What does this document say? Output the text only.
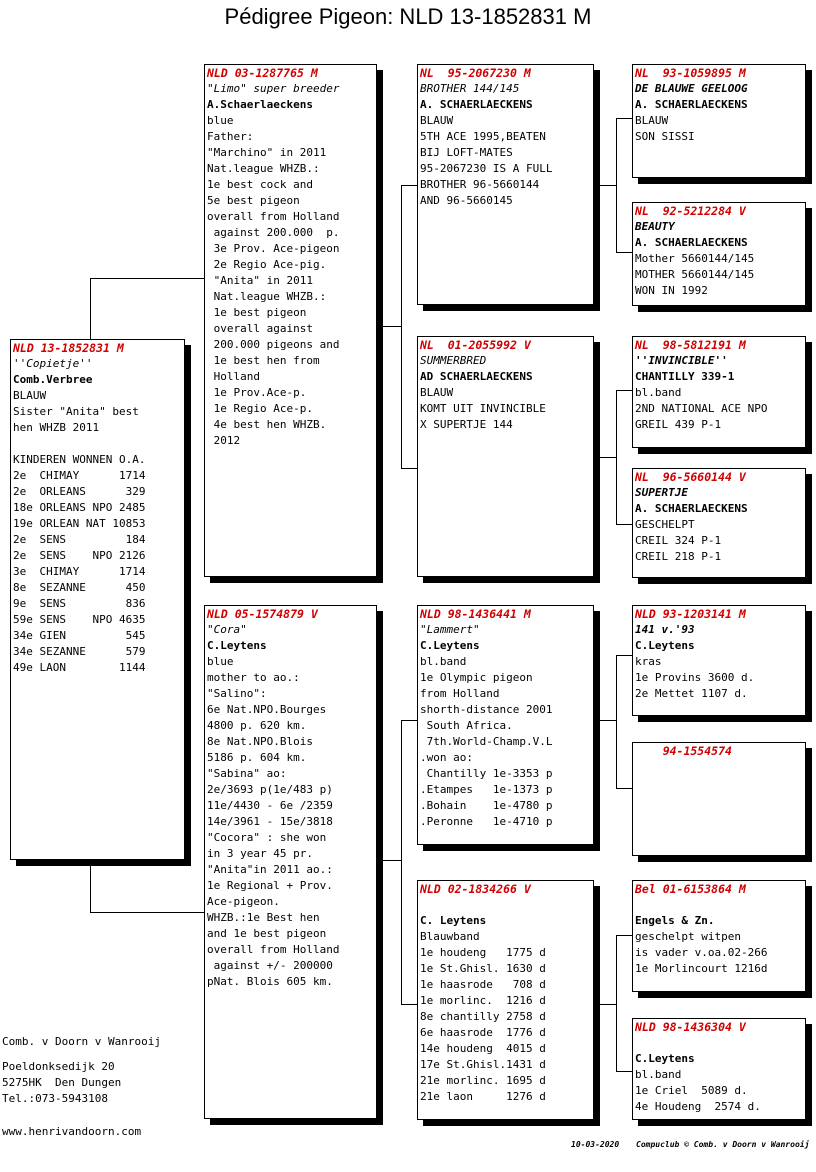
Pédigree Pigeon: NLD 13-1852831 M
NLD 13-1852831 M
''Copietje''
Comb.Verbree
BLAUW
Sister "Anita" best
hen WHZB 2011
KINDEREN WONNEN O.A.
2e  CHIMAY      1714
2e  ORLEANS      329
18e ORLEANS NPO 2485
19e ORLEAN NAT 10853
2e  SENS         184
2e  SENS    NPO 2126
3e  CHIMAY      1714
8e  SEZANNE      450
9e  SENS         836
59e SENS    NPO 4635
34e GIEN         545
34e SEZANNE      579
49e LAON        1144
NLD 03-1287765 M
"Limo" super breeder
A.Schaerlaeckens
blue
Father:
"Marchino" in 2011
Nat.league WHZB.:
1e best cock and
5e best pigeon
overall from Holland
against 200.000  p.
3e Prov. Ace-pigeon
2e Regio Ace-pig.
"Anita" in 2011
Nat.league WHZB.:
1e best pigeon
overall against
200.000 pigeons and
1e best hen from
Holland
1e Prov.Ace-p.
1e Regio Ace-p.
4e best hen WHZB.
2012
NLD 05-1574879 V
"Cora"
C.Leytens
blue
mother to ao.:
"Salino":
6e Nat.NPO.Bourges
4800 p. 620 km.
8e Nat.NPO.Blois
5186 p. 604 km.
"Sabina" ao:
2e/3693 p(1e/483 p)
11e/4430 - 6e /2359
14e/3961 - 15e/3818
"Cocora" : she won
in 3 year 45 pr.
"Anita"in 2011 ao.:
1e Regional + Prov.
Ace-pigeon.
WHZB.:1e Best hen
and 1e best pigeon
overall from Holland
against +/- 200000
pNat. Blois 605 km.
NL  95-2067230 M
BROTHER 144/145
A. SCHAERLAECKENS
BLAUW
5TH ACE 1995,BEATEN
BIJ LOFT-MATES
95-2067230 IS A FULL
BROTHER 96-5660144
AND 96-5660145
NL  01-2055992 V
SUMMERBRED
AD SCHAERLAECKENS
BLAUW
KOMT UIT INVINCIBLE
X SUPERTJE 144
NLD 98-1436441 M
"Lammert"
C.Leytens
bl.band
1e Olympic pigeon
from Holland
shorth-distance 2001
South Africa.
7th.World-Champ.V.L
.won ao:
Chantilly 1e-3353 p
.Etampes   1e-1373 p
.Bohain    1e-4780 p
.Peronne   1e-4710 p
NLD 02-1834266 V
C. Leytens
Blauwband
1e houdeng   1775 d
1e St.Ghisl. 1630 d
1e haasrode   708 d
1e morlinc.  1216 d
8e chantilly 2758 d
6e haasrode  1776 d
14e houdeng  4015 d
17e St.Ghisl.1431 d
21e morlinc. 1695 d
21e laon     1276 d
NL  93-1059895 M
DE BLAUWE GEELOOG
A. SCHAERLAECKENS
BLAUW
SON SISSI
NL  92-5212284 V
BEAUTY
A. SCHAERLAECKENS
Mother 5660144/145
MOTHER 5660144/145
WON IN 1992
NL  98-5812191 M
''INVINCIBLE''
CHANTILLY 339-1
bl.band
2ND NATIONAL ACE NPO
GREIL 439 P-1
NL  96-5660144 V
SUPERTJE
A. SCHAERLAECKENS
GESCHELPT
CREIL 324 P-1
CREIL 218 P-1
NLD 93-1203141 M
141 v.'93
C.Leytens
kras
1e Provins 3600 d.
2e Mettet 1107 d.
94-1554574
Bel 01-6153864 M
Engels & Zn.
geschelpt witpen
is vader v.oa.02-266
1e Morlincourt 1216d
NLD 98-1436304 V
C.Leytens
bl.band
1e Criel  5089 d.
4e Houdeng  2574 d.
Comb. v Doorn v Wanrooij
Poeldonksedijk 20
5275HK  Den Dungen
Tel.:073-5943108
www.henrivandoorn.com
10-03-2020 Compuclub © Comb. v Doorn v Wanrooij
